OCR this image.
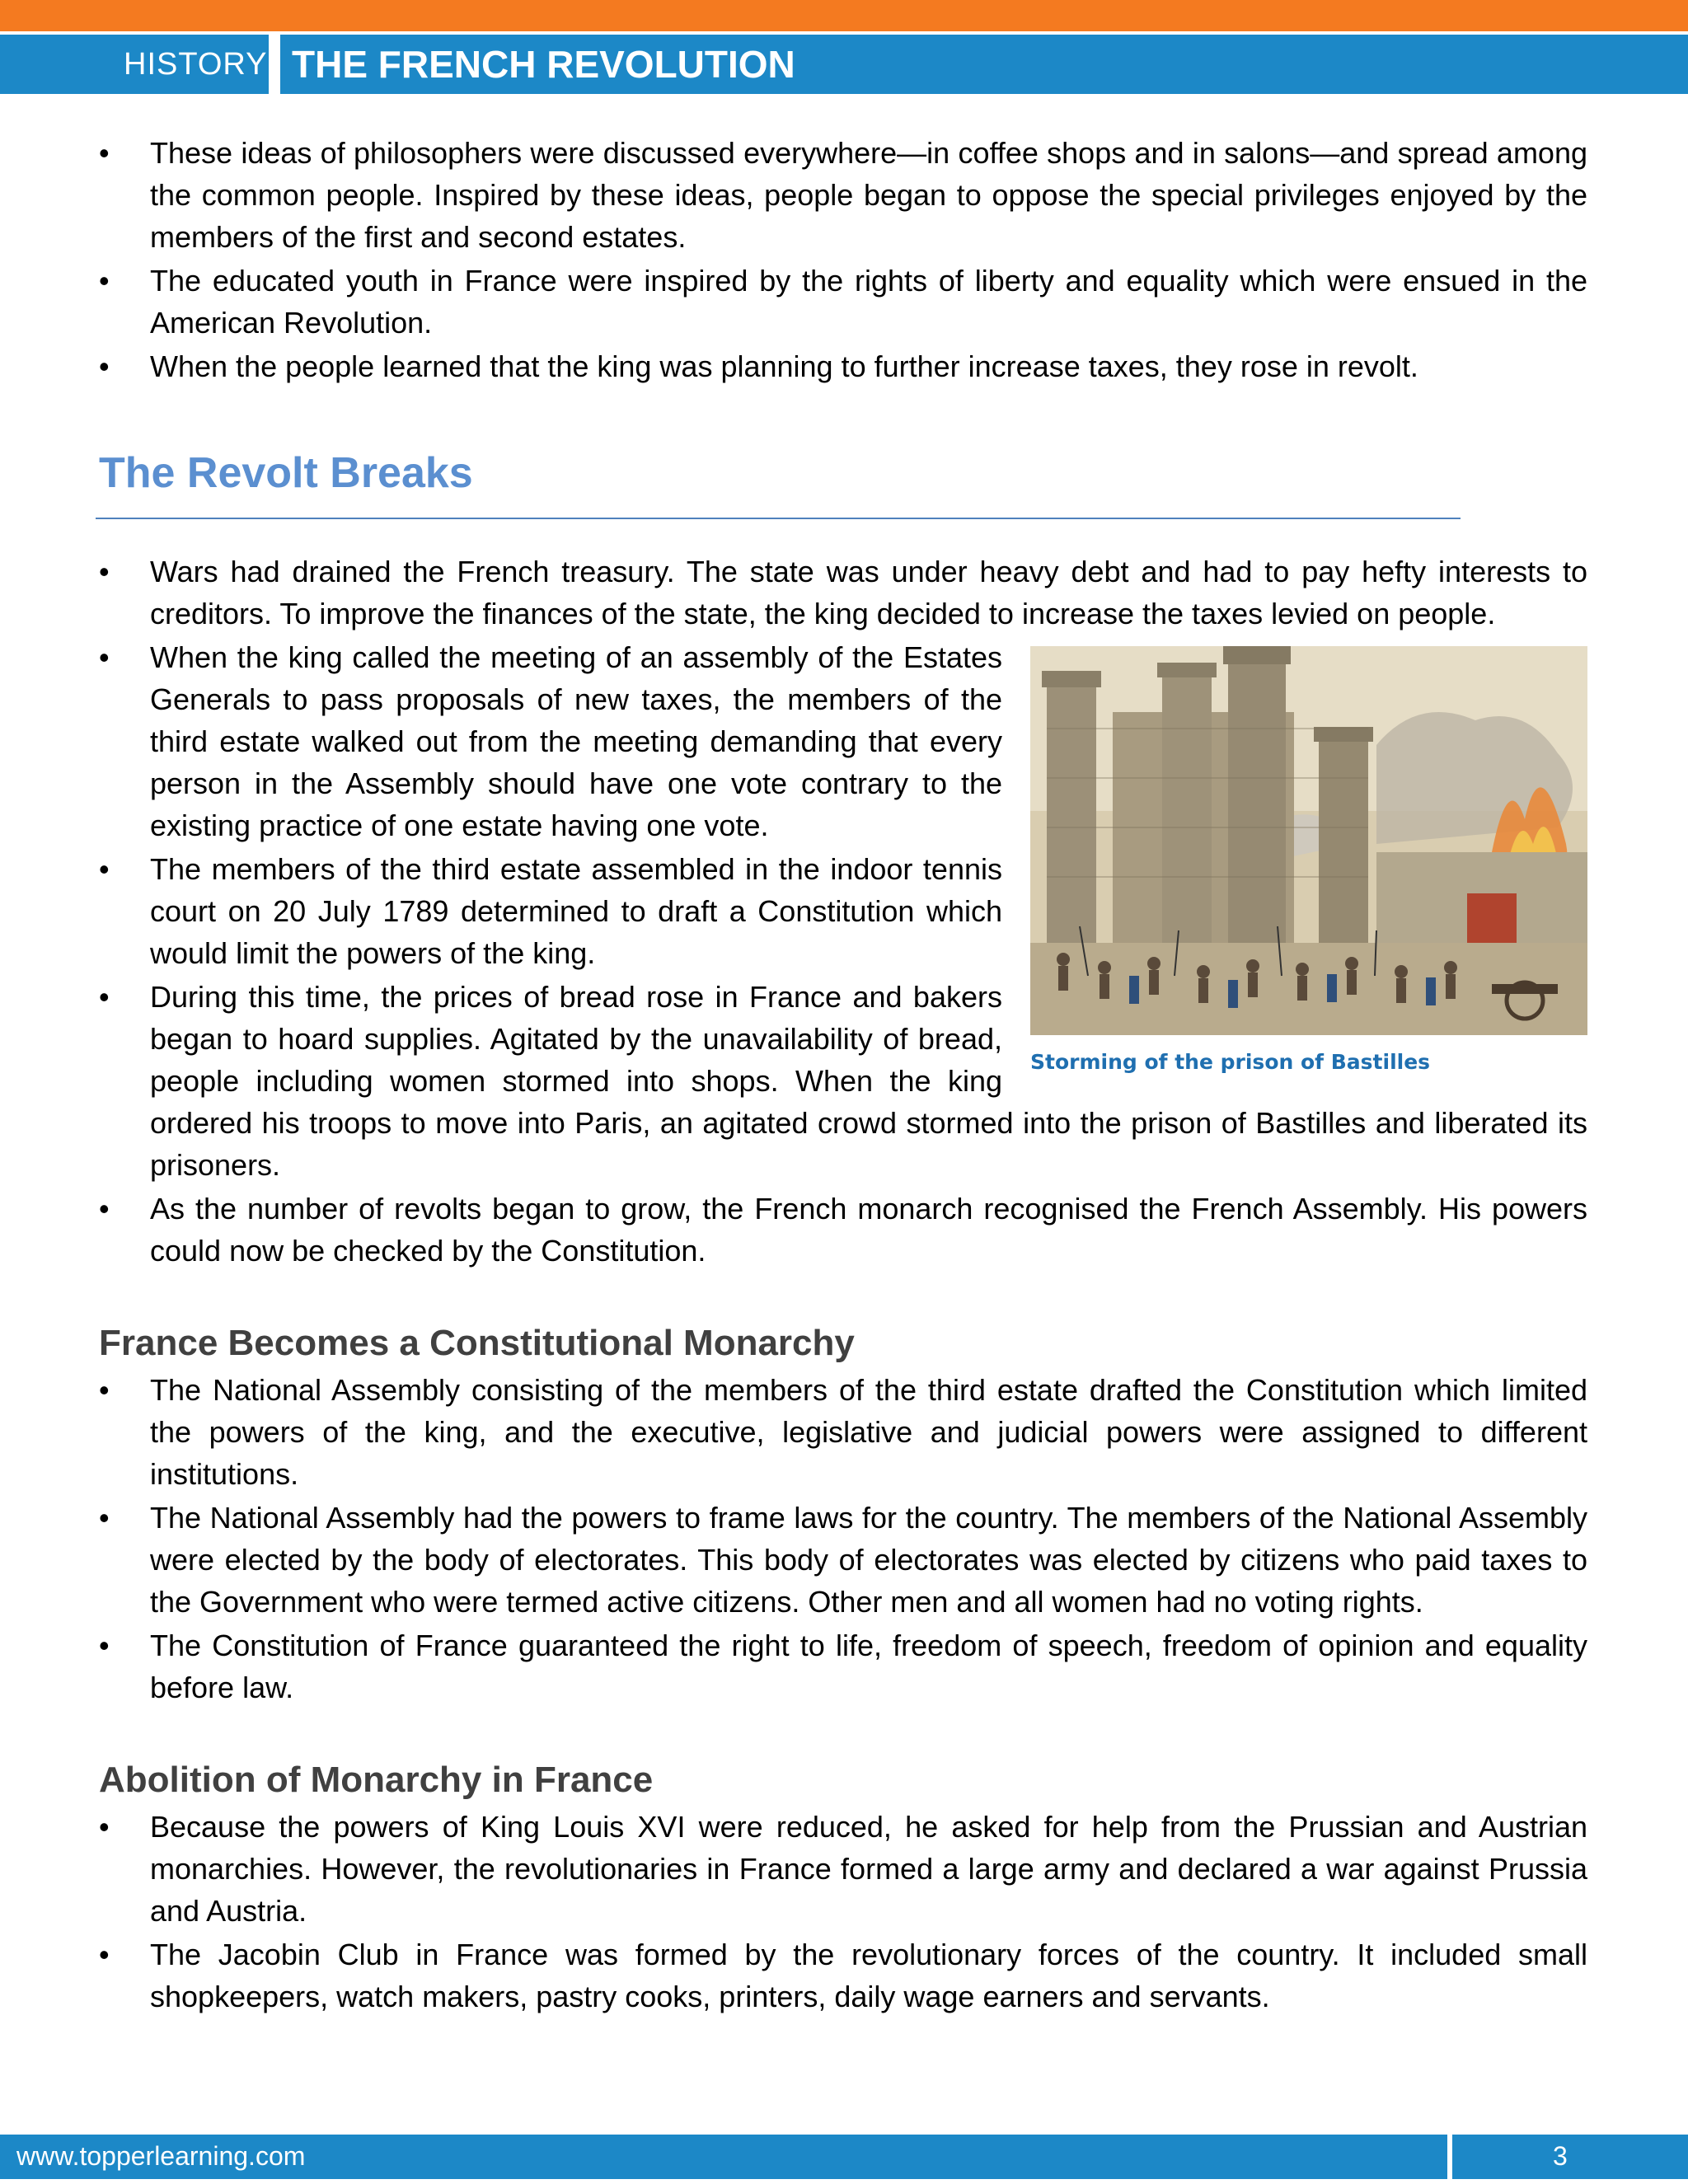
HISTORY THE FRENCH REVOLUTION
• These ideas of philosophers were discussed everywhere—in coffee shops and in salons—and spread among the common people. Inspired by these ideas, people began to oppose the special privileges enjoyed by the members of the first and second estates.
• The educated youth in France were inspired by the rights of liberty and equality which were ensued in the American Revolution.
• When the people learned that the king was planning to further increase taxes, they rose in revolt.
The Revolt Breaks
• Wars had drained the French treasury. The state was under heavy debt and had to pay hefty interests to creditors. To improve the finances of the state, the king decided to increase the taxes levied on people.
• Storming of the prison of Bastilles
When the king called the meeting of an assembly of the Estates Generals to pass proposals of new taxes, the members of the third estate walked out from the meeting demanding that every person in the Assembly should have one vote contrary to the existing practice of one estate having one vote.
• The members of the third estate assembled in the indoor tennis court on 20 July 1789 determined to draft a Constitution which would limit the powers of the king.
• During this time, the prices of bread rose in France and bakers began to hoard supplies. Agitated by the unavailability of bread, people including women stormed into shops. When the king ordered his troops to move into Paris, an agitated crowd stormed into the prison of Bastilles and liberated its prisoners.
• As the number of revolts began to grow, the French monarch recognised the French Assembly. His powers could now be checked by the Constitution.
France Becomes a Constitutional Monarchy
• The National Assembly consisting of the members of the third estate drafted the Constitution which limited the powers of the king, and the executive, legislative and judicial powers were assigned to different institutions.
• The National Assembly had the powers to frame laws for the country. The members of the National Assembly were elected by the body of electorates. This body of electorates was elected by citizens who paid taxes to the Government who were termed active citizens. Other men and all women had no voting rights.
• The Constitution of France guaranteed the right to life, freedom of speech, freedom of opinion and equality before law.
Abolition of Monarchy in France
• Because the powers of King Louis XVI were reduced, he asked for help from the Prussian and Austrian monarchies. However, the revolutionaries in France formed a large army and declared a war against Prussia and Austria.
• The Jacobin Club in France was formed by the revolutionary forces of the country. It included small shopkeepers, watch makers, pastry cooks, printers, daily wage earners and servants.
www.topperlearning.com	3
